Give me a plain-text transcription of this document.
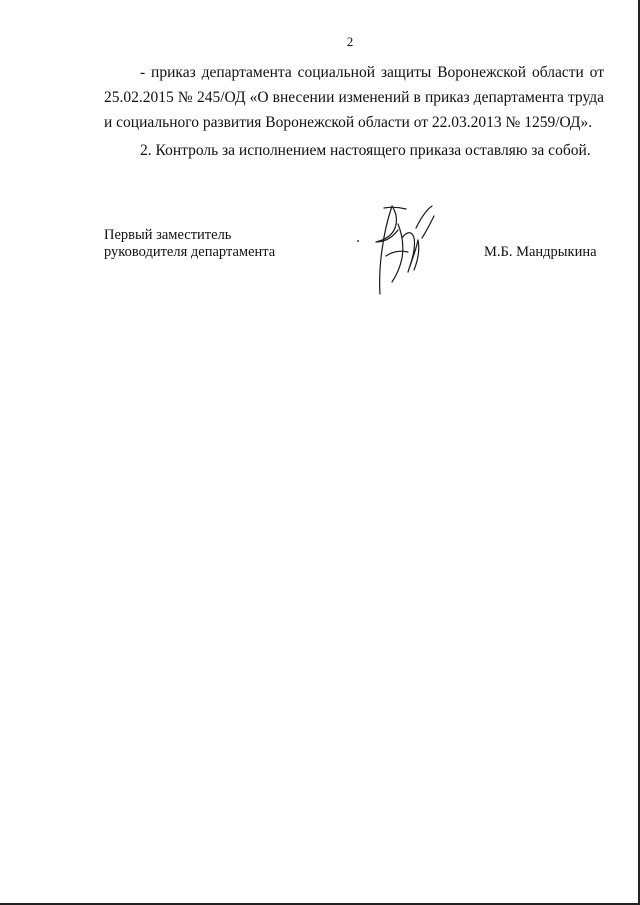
2

- приказ департамента социальной защиты Воронежской области от 25.02.2015 № 245/ОД «О внесении изменений в приказ департамента труда и социального развития Воронежской области от 22.03.2013 № 1259/ОД».

2. Контроль за исполнением настоящего приказа оставляю за собой.

Первый заместитель
руководителя департамента	М.Б. Мандрыкина
